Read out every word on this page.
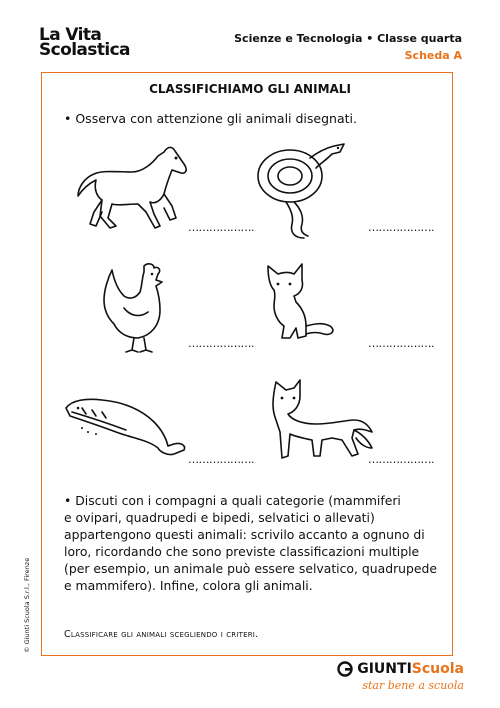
La Vita
Scolastica
Scienze e Tecnologia • Classe quarta
Scheda A
CLASSIFICHIAMO GLI ANIMALI
• Osserva con attenzione gli animali disegnati.
……………….	……………….
……………….	……………….
……………….	……………….
• Discuti con i compagni a quali categorie (mammiferi
e ovipari, quadrupedi e bipedi, selvatici o allevati)
appartengono questi animali: scrivilo accanto a ognuno di
loro, ricordando che sono previste classificazioni multiple
(per esempio, un animale può essere selvatico, quadrupede
e mammifero). Infine, colora gli animali.
Classificare gli animali scegliendo i criteri.
© Giunti Scuola S.r.l., Firenze
GIUNTIScuola
star bene a scuola
